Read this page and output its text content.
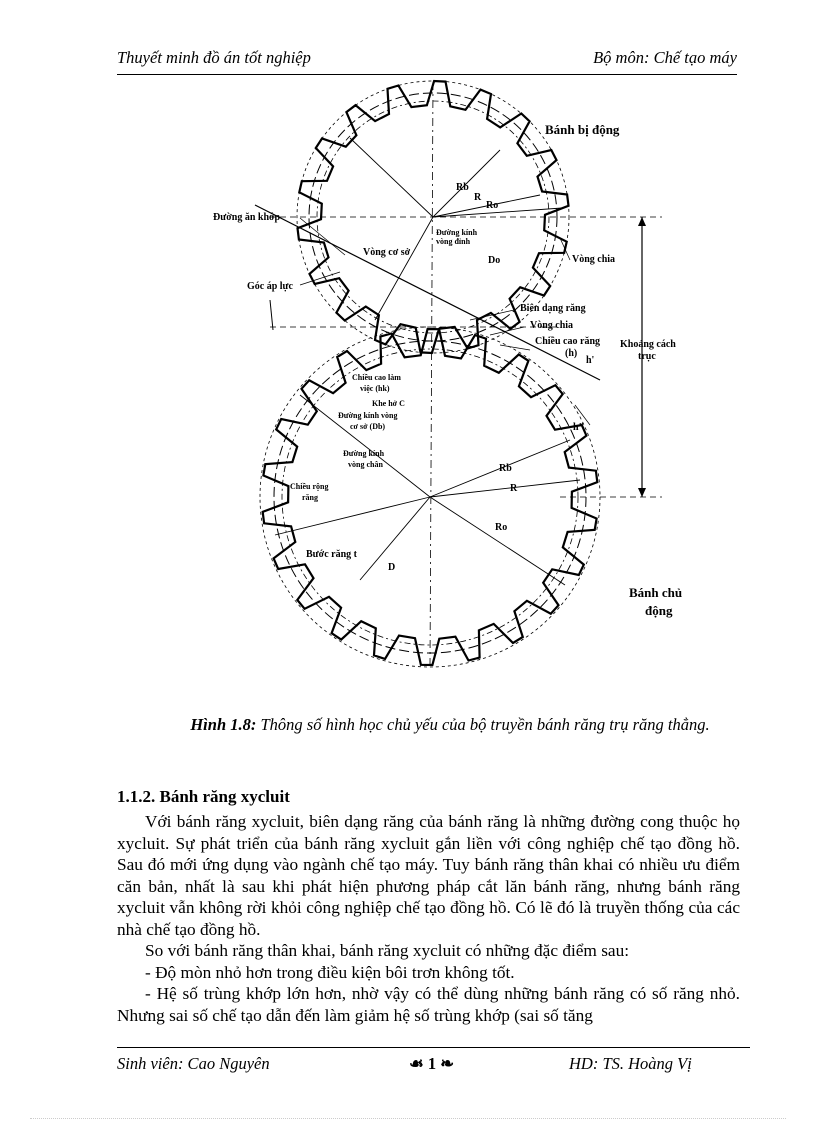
Thuyết minh đồ án tốt nghiệp	Bộ môn: Chế tạo máy
Bánh bị động
Rb
R
Ro
Đường ăn khớp
Vòng cơ sở
Đường kính
vòng đỉnh
Do	Vòng chia
Góc áp lực
Biên dạng răng
Vòng chia
Chiều cao răng
(h)
h'
Khoảng cách
trục
Chiều cao làm
việc (hk)
Khe hở C
Đường kính vòng
cơ sở (Db)
Đường kính
vòng chân
h"
Rb
R
Chiều rộng
răng
Ro
Bước răng t
D
Bánh chủ
động
Hình 1.8: Thông số hình học chủ yếu của bộ truyền bánh răng trụ răng thẳng.
1.1.2. Bánh răng xycluit

Với bánh răng xycluit, biên dạng răng của bánh răng là những đường cong thuộc họ xycluit. Sự phát triển của bánh răng xycluit gắn liền với công nghiệp chế tạo đồng hồ. Sau đó mới ứng dụng vào ngành chế tạo máy. Tuy bánh răng thân khai có nhiều ưu điểm căn bản, nhất là sau khi phát hiện phương pháp cắt lăn bánh răng, nhưng bánh răng xycluit vẫn không rời khỏi công nghiệp chế tạo đồng hồ. Có lẽ đó là truyền thống của các nhà chế tạo đồng hồ.

So với bánh răng thân khai, bánh răng xycluit có những đặc điểm sau:

- Độ mòn nhỏ hơn trong điều kiện bôi trơn không tốt.

- Hệ số trùng khớp lớn hơn, nhờ vậy có thể dùng những bánh răng có số răng nhỏ. Nhưng sai số chế tạo dẫn đến làm giảm hệ số trùng khớp (sai số tăng

Sinh viên: Cao Nguyên	☙ 1 ❧	HD: TS. Hoàng Vị
